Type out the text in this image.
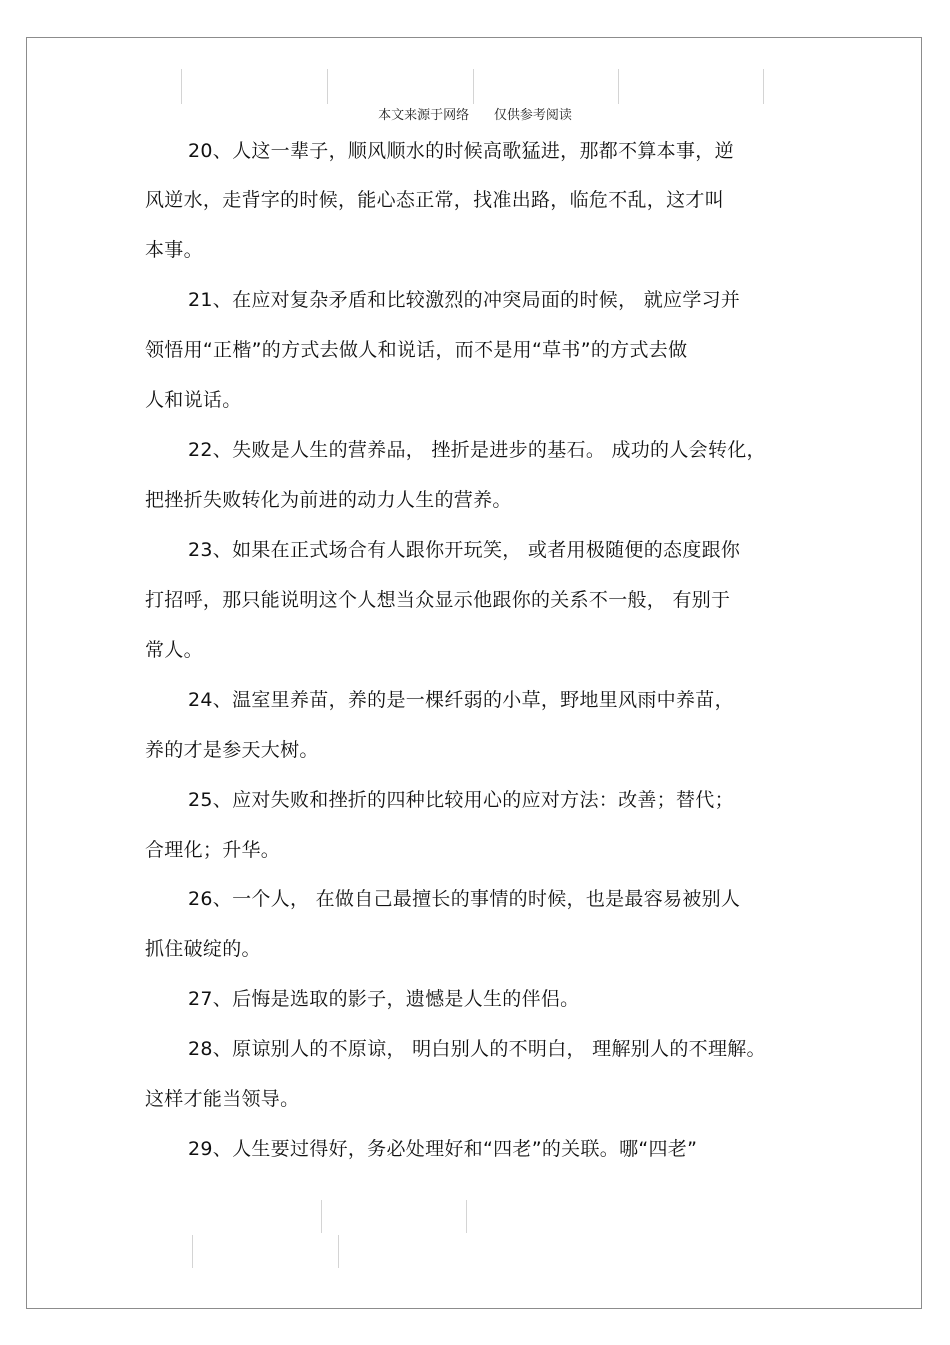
本文来源于网络      仅供参考阅读
20、人这一辈子，顺风顺水的时候高歌猛进，那都不算本事，逆
风逆水，走背字的时候，能心态正常，找准出路，临危不乱，这才叫
本事。
21、在应对复杂矛盾和比较激烈的冲突局面的时候， 就应学习并
领悟用“正楷”的方式去做人和说话，而不是用“草书”的方式去做
人和说话。
22、失败是人生的营养品， 挫折是进步的基石。 成功的人会转化，
把挫折失败转化为前进的动力人生的营养。
23、如果在正式场合有人跟你开玩笑， 或者用极随便的态度跟你
打招呼，那只能说明这个人想当众显示他跟你的关系不一般， 有别于
常人。
24、温室里养苗，养的是一棵纤弱的小草，野地里风雨中养苗，
养的才是参天大树。
25、应对失败和挫折的四种比较用心的应对方法：改善；替代；
合理化；升华。
26、一个人， 在做自己最擅长的事情的时候，也是最容易被别人
抓住破绽的。
27、后悔是选取的影子，遗憾是人生的伴侣。
28、原谅别人的不原谅， 明白别人的不明白， 理解别人的不理解。
这样才能当领导。
29、人生要过得好，务必处理好和“四老”的关联。哪“四老”
